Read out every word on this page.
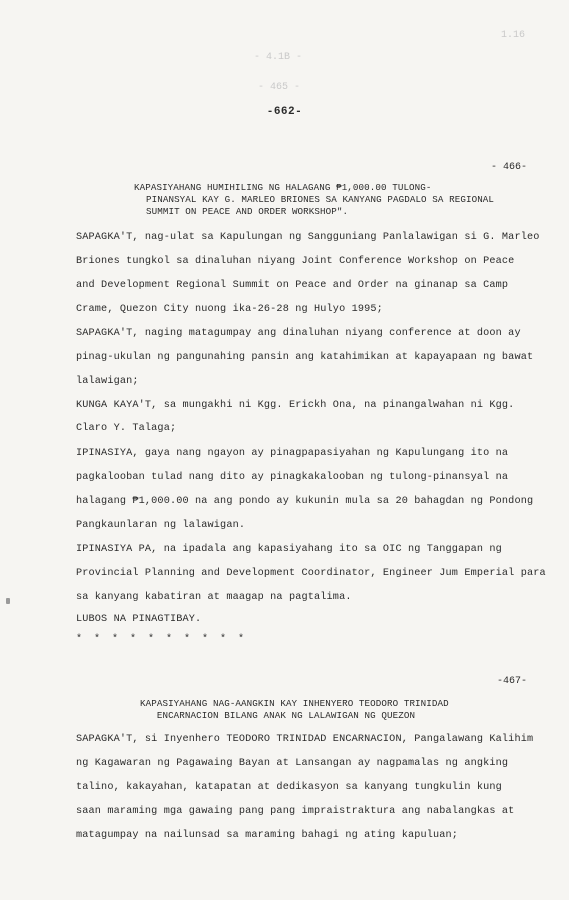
1.16
- 4.1B -
- 465 -
-662-
- 466-
KAPASIYAHANG HUMIHILING NG HALAGANG ₱1,000.00 TULONG-
PINANSYAL KAY G. MARLEO BRIONES SA KANYANG PAGDALO SA REGIONAL
SUMMIT ON PEACE AND ORDER WORKSHOP".
SAPAGKA'T, nag-ulat sa Kapulungan ng Sangguniang Panlalawigan si G. Marleo
Briones tungkol sa dinaluhan niyang Joint Conference Workshop on Peace
and Development Regional Summit on Peace and Order na ginanap sa Camp
Crame, Quezon City nuong ika-26-28 ng Hulyo 1995;
SAPAGKA'T, naging matagumpay ang dinaluhan niyang conference at doon ay
pinag-ukulan ng pangunahing pansin ang katahimikan at kapayapaan ng bawat
lalawigan;
KUNGA KAYA'T, sa mungakhi ni Kgg. Erickh Ona, na pinangalwahan ni Kgg.
Claro Y. Talaga;
IPINASIYA, gaya nang ngayon ay pinagpapasiyahan ng Kapulungang ito na
pagkalooban tulad nang dito ay pinagkakalooban ng tulong-pinansyal na
halagang ₱1,000.00 na ang pondo ay kukunin mula sa 20 bahagdan ng Pondong
Pangkaunlaran ng lalawigan.
IPINASIYA PA, na ipadala ang kapasiyahang ito sa OIC ng Tanggapan ng
Provincial Planning and Development Coordinator, Engineer Jum Emperial para
sa kanyang kabatiran at maagap na pagtalima.
LUBOS NA PINAGTIBAY.
* * * * * * * * * *
-467-
KAPASIYAHANG NAG-AANGKIN KAY INHENYERO TEODORO TRINIDAD
ENCARNACION BILANG ANAK NG LALAWIGAN NG QUEZON
SAPAGKA'T, si Inyenhero TEODORO TRINIDAD ENCARNACION, Pangalawang Kalihim
ng Kagawaran ng Pagawaing Bayan at Lansangan ay nagpamalas ng angking
talino, kakayahan, katapatan at dedikasyon sa kanyang tungkulin kung
saan maraming mga gawaing pang pang impraistraktura ang nabalangkas at
matagumpay na nailunsad sa maraming bahagi ng ating kapuluan;
